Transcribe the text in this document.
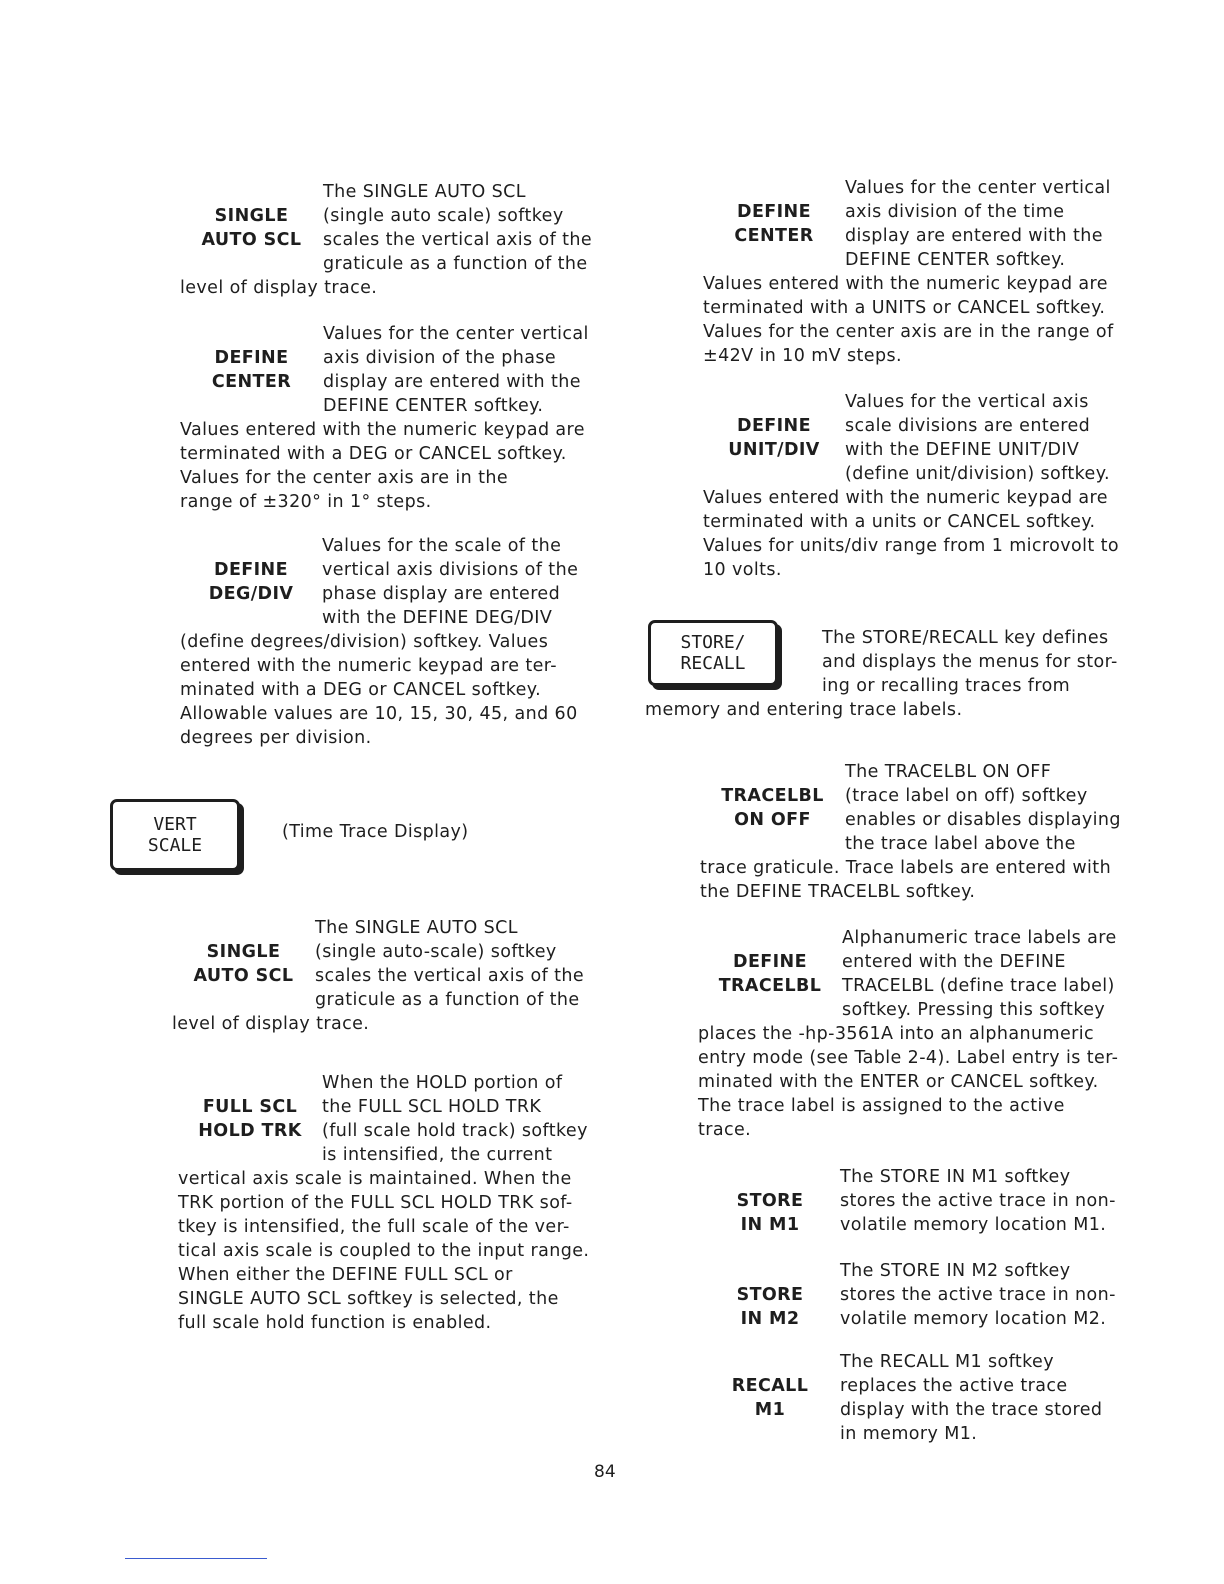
SINGLE
AUTO SCL
The SINGLE AUTO SCL
(single auto scale) softkey
scales the vertical axis of the
graticule as a function of the
level of display trace.
DEFINE
CENTER
Values for the center vertical
axis division of the phase
display are entered with the
DEFINE CENTER softkey.
Values entered with the numeric keypad are
terminated with a DEG or CANCEL softkey.
Values for the center axis are in the
range of ±320° in 1° steps.
DEFINE
DEG/DIV
Values for the scale of the
vertical axis divisions of the
phase display are entered
with the DEFINE DEG/DIV
(define degrees/division) softkey. Values
entered with the numeric keypad are ter-
minated with a DEG or CANCEL softkey.
Allowable values are 10, 15, 30, 45, and 60
degrees per division.
VERT
SCALE
(Time Trace Display)
SINGLE
AUTO SCL
The SINGLE AUTO SCL
(single auto-scale) softkey
scales the vertical axis of the
graticule as a function of the
level of display trace.
FULL SCL
HOLD TRK
When the HOLD portion of
the FULL SCL HOLD TRK
(full scale hold track) softkey
is intensified, the current
vertical axis scale is maintained. When the
TRK portion of the FULL SCL HOLD TRK sof-
tkey is intensified, the full scale of the ver-
tical axis scale is coupled to the input range.
When either the DEFINE FULL SCL or
SINGLE AUTO SCL softkey is selected, the
full scale hold function is enabled.
DEFINE
CENTER
Values for the center vertical
axis division of the time
display are entered with the
DEFINE CENTER softkey.
Values entered with the numeric keypad are
terminated with a UNITS or CANCEL softkey.
Values for the center axis are in the range of
±42V in 10 mV steps.
DEFINE
UNIT/DIV
Values for the vertical axis
scale divisions are entered
with the DEFINE UNIT/DIV
(define unit/division) softkey.
Values entered with the numeric keypad are
terminated with a units or CANCEL softkey.
Values for units/div range from 1 microvolt to
10 volts.
STORE/
RECALL
The STORE/RECALL key defines
and displays the menus for stor-
ing or recalling traces from
memory and entering trace labels.
TRACELBL
ON OFF
The TRACELBL ON OFF
(trace label on off) softkey
enables or disables displaying
the trace label above the
trace graticule. Trace labels are entered with
the DEFINE TRACELBL softkey.
DEFINE
TRACELBL
Alphanumeric trace labels are
entered with the DEFINE
TRACELBL (define trace label)
softkey. Pressing this softkey
places the -hp-3561A into an alphanumeric
entry mode (see Table 2-4). Label entry is ter-
minated with the ENTER or CANCEL softkey.
The trace label is assigned to the active
trace.
STORE
IN M1
The STORE IN M1 softkey
stores the active trace in non-
volatile memory location M1.
STORE
IN M2
The STORE IN M2 softkey
stores the active trace in non-
volatile memory location M2.
RECALL
M1
The RECALL M1 softkey
replaces the active trace
display with the trace stored
in memory M1.
84
